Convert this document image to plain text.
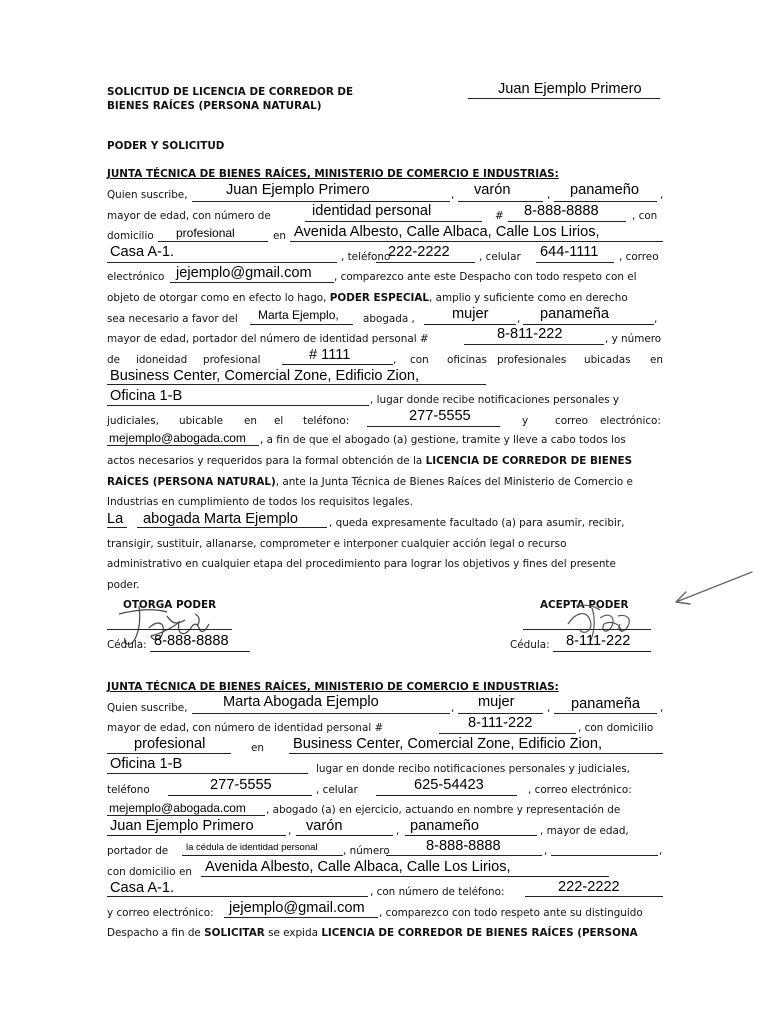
SOLICITUD DE LICENCIA DE CORREDOR DE
BIENES RAÍCES (PERSONA NATURAL)
Juan Ejemplo Primero
PODER Y SOLICITUD
JUNTA TÉCNICA DE BIENES RAÍCES, MINISTERIO DE COMERCIO E INDUSTRIAS:
Quien suscribe,	Juan Ejemplo Primero	, varón	, panameño ,
mayor de edad, con número de	identidad personal	# 8-888-8888	, con
domicilio profesional	en Avenida Albesto, Calle Albaca, Calle Los Lirios,
Casa A-1.	, teléfono
222-2222	, celular 644-1111 , correo
electrónico jejemplo@gmail.com , comparezco ante este Despacho con todo respeto con el
objeto de otorgar como en efecto lo hago, PODER ESPECIAL, amplio y suficiente como en derecho
sea necesario a favor del Marta Ejemplo, abogada ,	mujer	, panameña	,
mayor de edad, portador del número de identidad personal #	8-811-222	, y número
de idoneidad profesional	# 1111	, con oficinas profesionales ubicadas en
Business Center, Comercial Zone, Edificio Zion,
Oficina 1-B	, lugar donde recibe notificaciones personales y
judiciales, ubicable en el teléfono:	277-5555	y	correo electrónico:
mejemplo@abogada.com , a fin de que el abogado (a) gestione, tramite y lleve a cabo todos los
actos necesarios y requeridos para la formal obtención de la LICENCIA DE CORREDOR DE BIENES
RAÍCES (PERSONA NATURAL), ante la Junta Técnica de Bienes Raíces del Ministerio de Comercio e
Industrias en cumplimiento de todos los requisitos legales.
La abogada Marta Ejemplo	, queda expresamente facultado (a) para asumir, recibir,
transigir, sustituir, allanarse, comprometer e interponer cualquier acción legal o recurso
administrativo en cualquier etapa del procedimiento para lograr los objetivos y fines del presente
poder.
OTORGA PODER	ACEPTA PODER
Cédula: 8-888-8888	Cédula: 8-111-222
JUNTA TÉCNICA DE BIENES RAÍCES, MINISTERIO DE COMERCIO E INDUSTRIAS:
Quien suscribe, Marta Abogada Ejemplo	, mujer	, panameña ,
mayor de edad, con número de identidad personal #	8-111-222	, con domicilio
profesional	en Business Center, Comercial Zone, Edificio Zion,
Oficina 1-B	lugar en donde recibo notificaciones personales y judiciales,
teléfono	277-5555	, celular	625-54423	, correo electrónico:
mejemplo@abogada.com , abogado (a) en ejercicio, actuando en nombre y representación de
Juan Ejemplo Primero	, varón	, panameño	, mayor de edad,
portador de la cédula de identidad personal , número 8-888-8888	,	,
con domicilio en Avenida Albesto, Calle Albaca, Calle Los Lirios,
Casa A-1.	, con número de teléfono:	222-2222
y correo electrónico: jejemplo@gmail.com , comparezco con todo respeto ante su distinguido
Despacho a fin de SOLICITAR se expida LICENCIA DE CORREDOR DE BIENES RAÍCES (PERSONA
